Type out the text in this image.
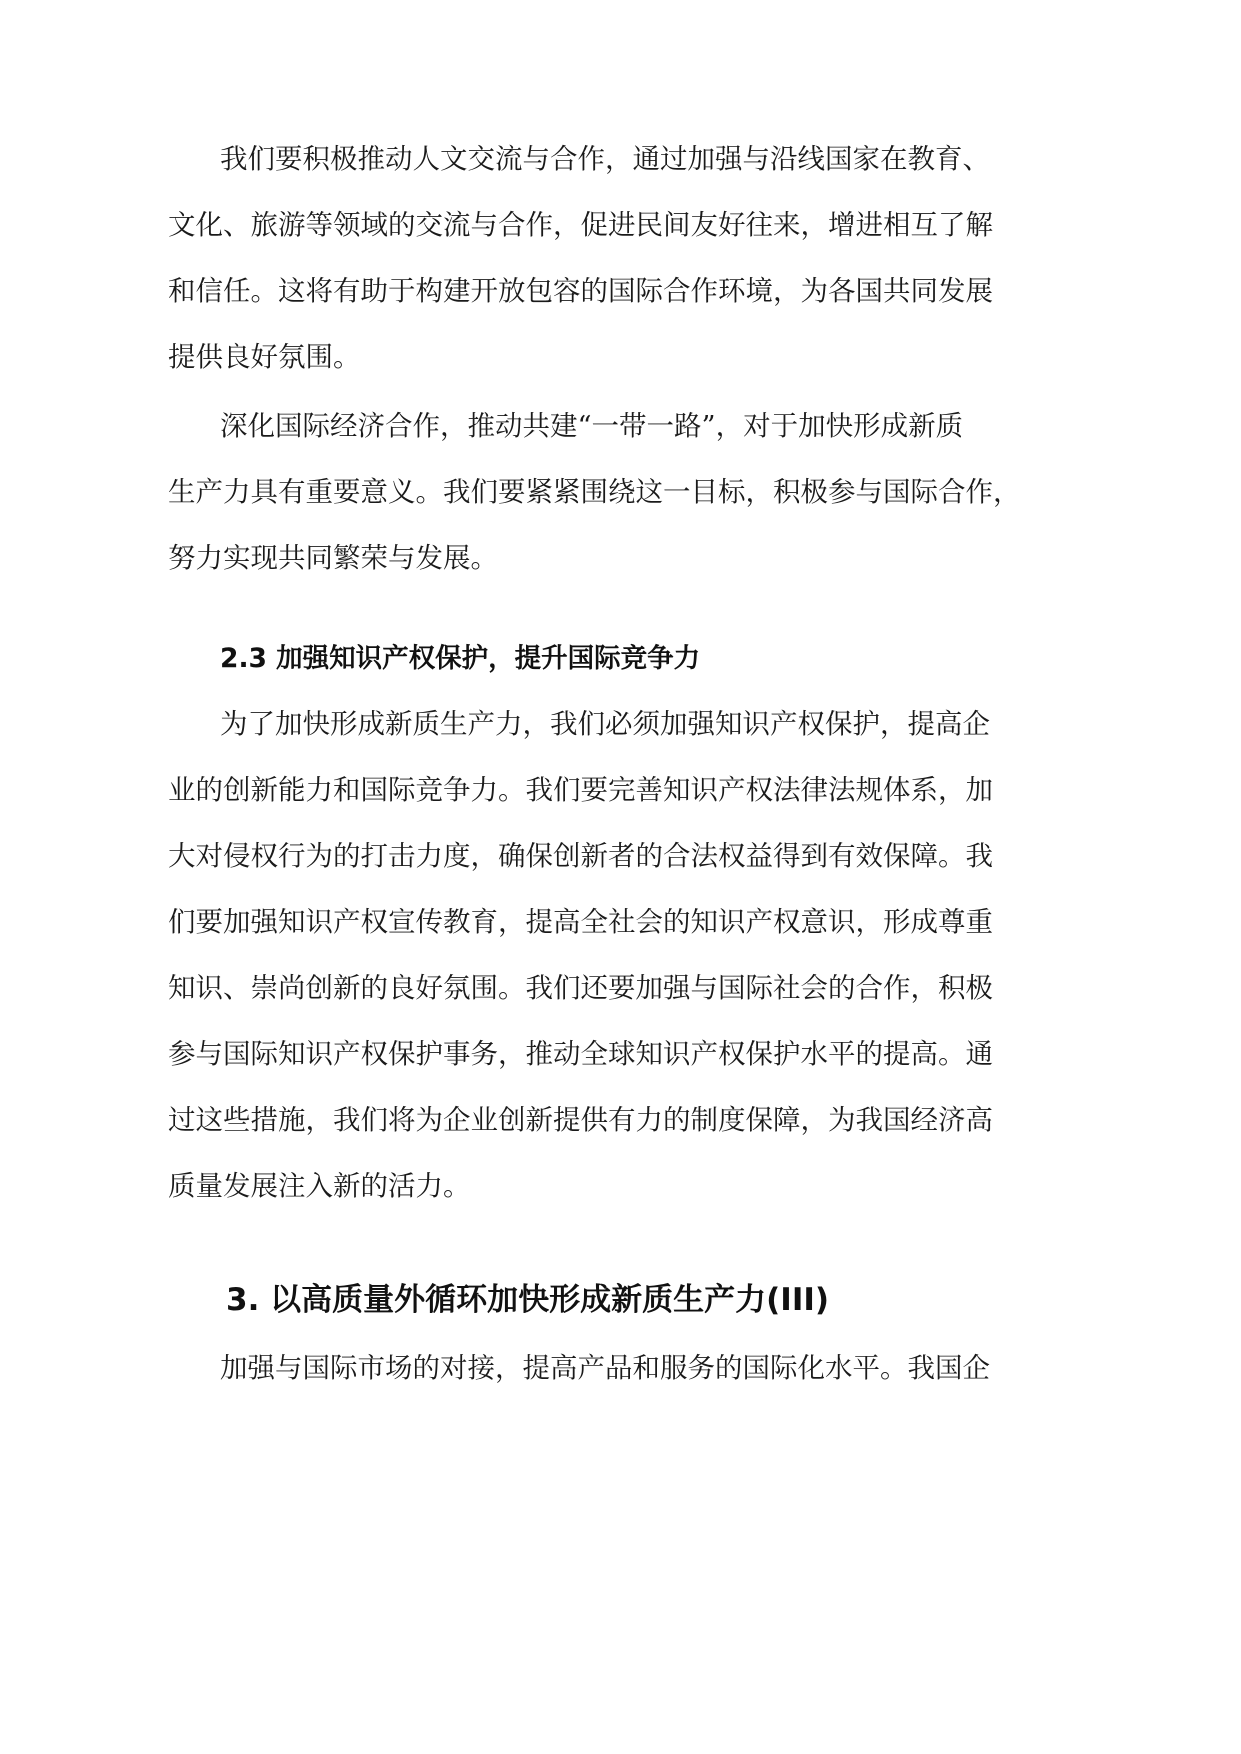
我们要积极推动人文交流与合作，通过加强与沿线国家在教育、
文化、旅游等领域的交流与合作，促进民间友好往来，增进相互了解
和信任。这将有助于构建开放包容的国际合作环境，为各国共同发展
提供良好氛围。
深化国际经济合作，推动共建“一带一路”，对于加快形成新质
生产力具有重要意义。我们要紧紧围绕这一目标，积极参与国际合作，
努力实现共同繁荣与发展。
2.3 加强知识产权保护，提升国际竞争力
为了加快形成新质生产力，我们必须加强知识产权保护，提高企
业的创新能力和国际竞争力。我们要完善知识产权法律法规体系，加
大对侵权行为的打击力度，确保创新者的合法权益得到有效保障。我
们要加强知识产权宣传教育，提高全社会的知识产权意识，形成尊重
知识、崇尚创新的良好氛围。我们还要加强与国际社会的合作，积极
参与国际知识产权保护事务，推动全球知识产权保护水平的提高。通
过这些措施，我们将为企业创新提供有力的制度保障，为我国经济高
质量发展注入新的活力。
3. 以高质量外循环加快形成新质生产力(III)
加强与国际市场的对接，提高产品和服务的国际化水平。我国企
